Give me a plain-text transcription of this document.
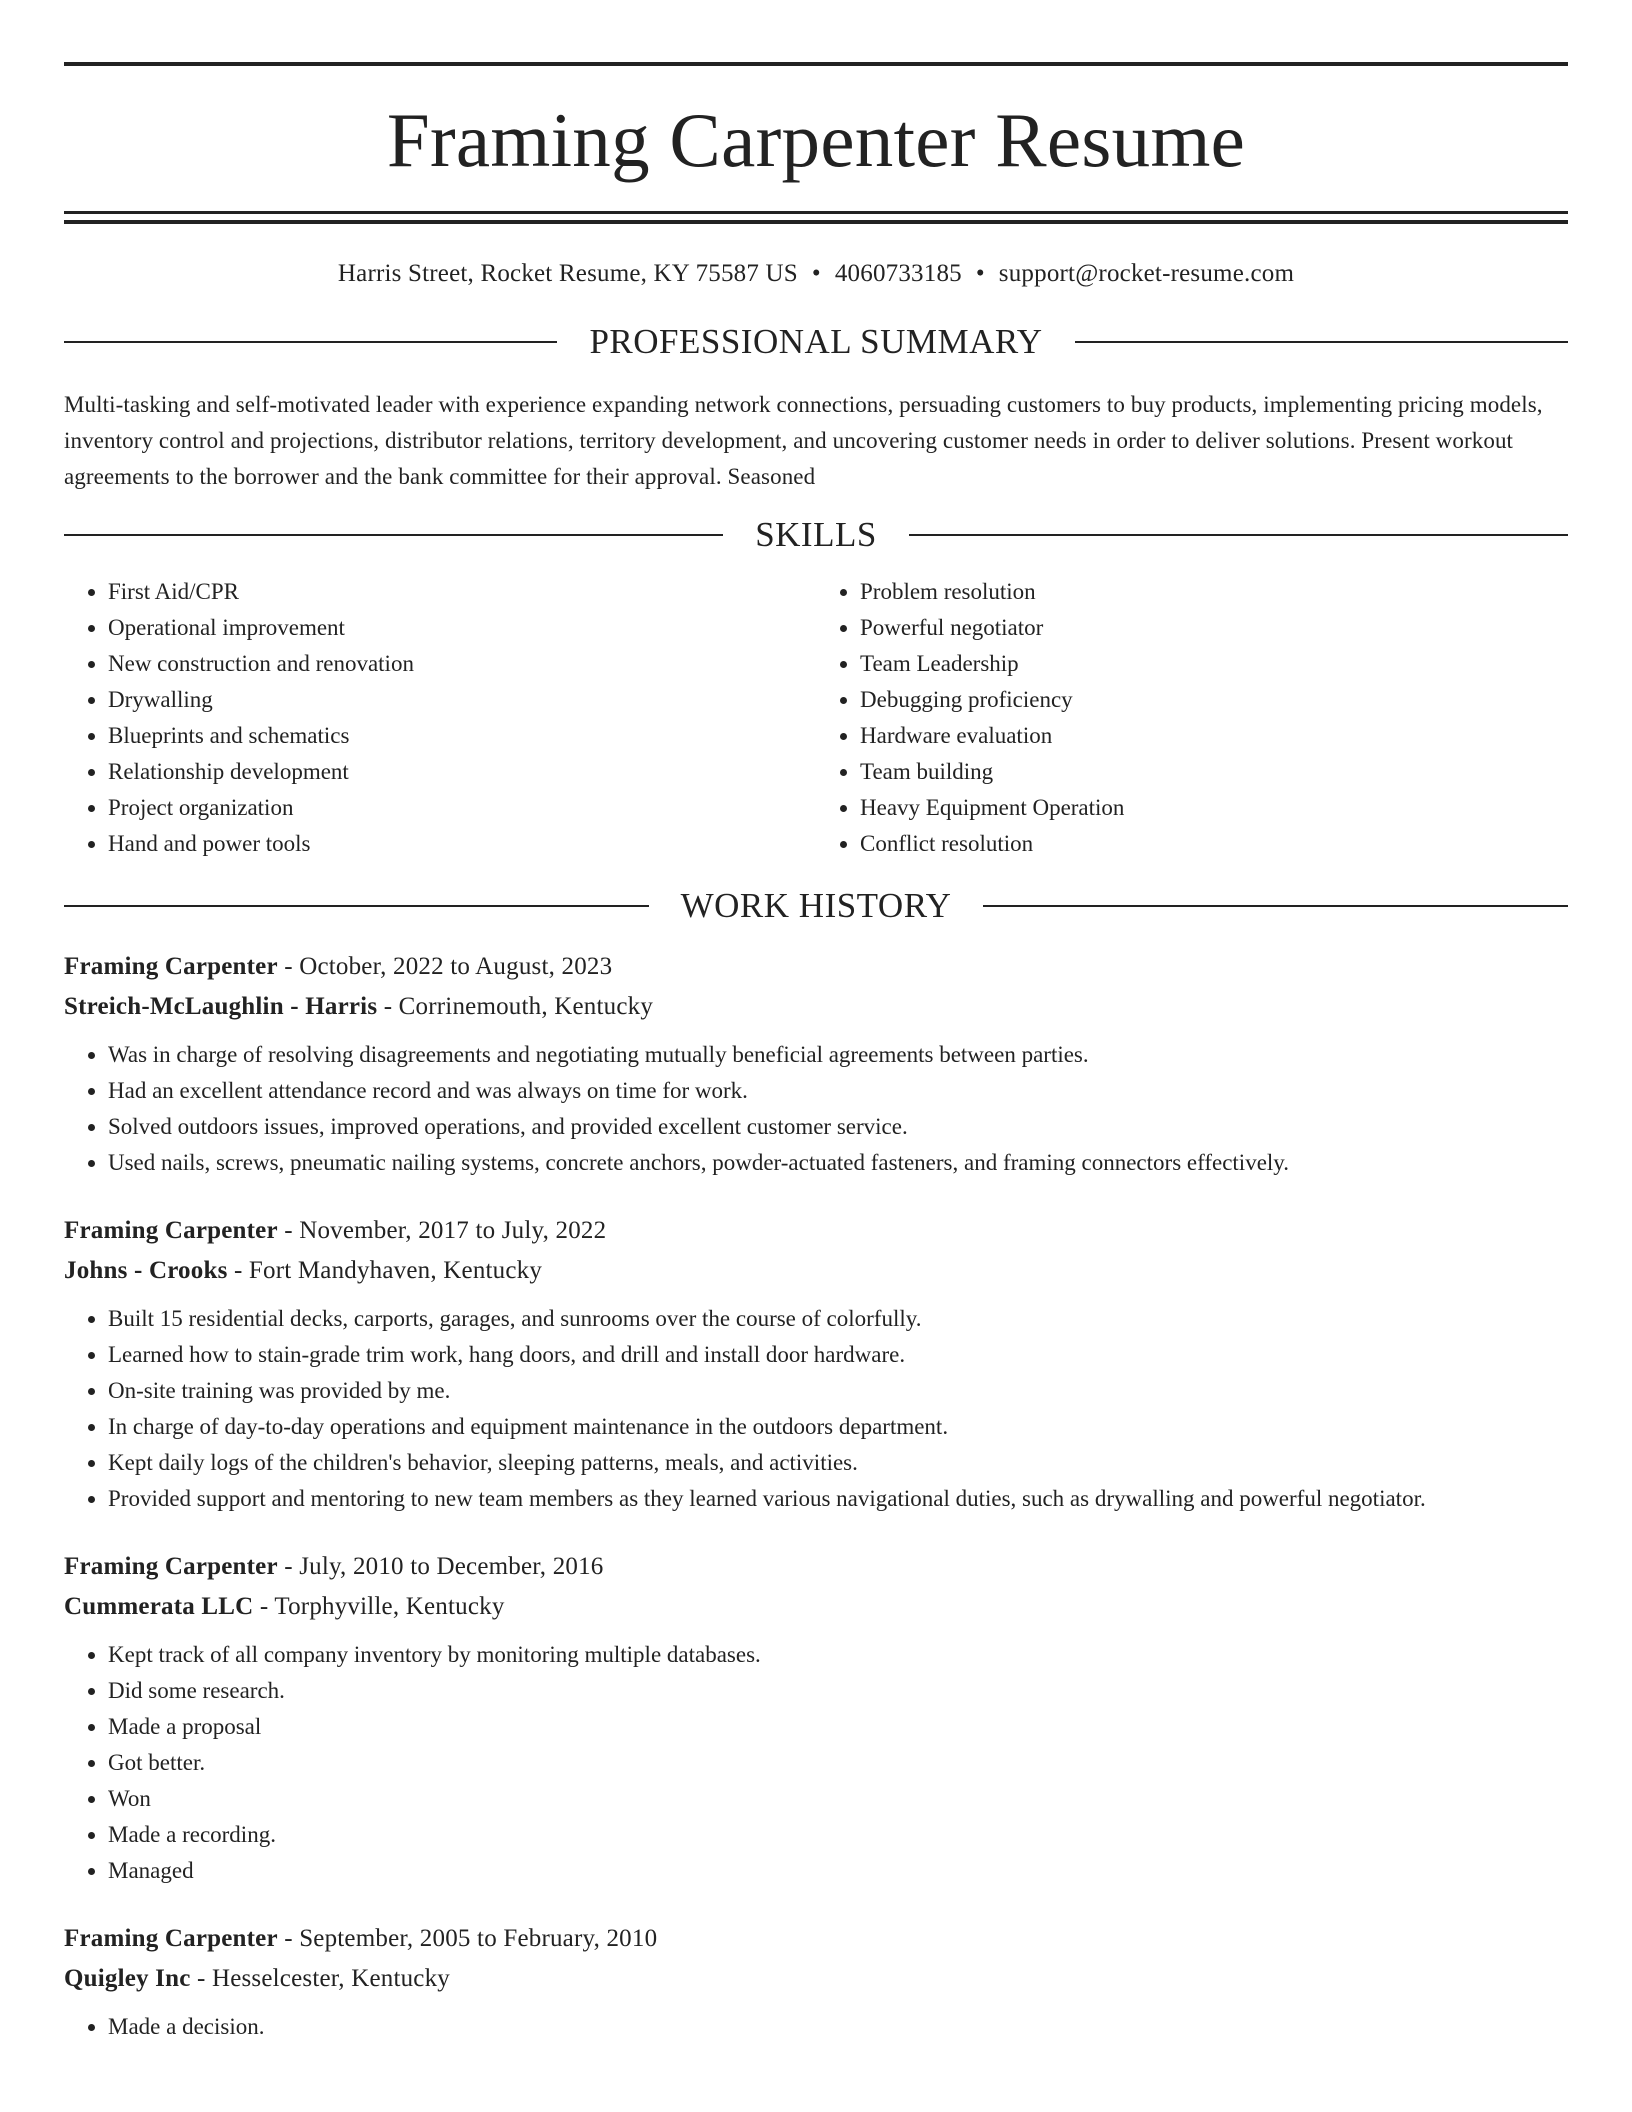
Framing Carpenter Resume
Harris Street, Rocket Resume, KY 75587 US • 4060733185 • support@rocket-resume.com
PROFESSIONAL SUMMARY
Multi-tasking and self-motivated leader with experience expanding network connections, persuading customers to buy products, implementing pricing models, inventory control and projections, distributor relations, territory development, and uncovering customer needs in order to deliver solutions. Present workout agreements to the borrower and the bank committee for their approval. Seasoned
SKILLS
• First Aid/CPR
• Operational improvement
• New construction and renovation
• Drywalling
• Blueprints and schematics
• Relationship development
• Project organization
• Hand and power tools
• Problem resolution
• Powerful negotiator
• Team Leadership
• Debugging proficiency
• Hardware evaluation
• Team building
• Heavy Equipment Operation
• Conflict resolution
WORK HISTORY
Framing Carpenter - October, 2022 to August, 2023
Streich-McLaughlin - Harris - Corrinemouth, Kentucky
• Was in charge of resolving disagreements and negotiating mutually beneficial agreements between parties.
• Had an excellent attendance record and was always on time for work.
• Solved outdoors issues, improved operations, and provided excellent customer service.
• Used nails, screws, pneumatic nailing systems, concrete anchors, powder-actuated fasteners, and framing connectors effectively.
Framing Carpenter - November, 2017 to July, 2022
Johns - Crooks - Fort Mandyhaven, Kentucky
• Built 15 residential decks, carports, garages, and sunrooms over the course of colorfully.
• Learned how to stain-grade trim work, hang doors, and drill and install door hardware.
• On-site training was provided by me.
• In charge of day-to-day operations and equipment maintenance in the outdoors department.
• Kept daily logs of the children's behavior, sleeping patterns, meals, and activities.
• Provided support and mentoring to new team members as they learned various navigational duties, such as drywalling and powerful negotiator.
Framing Carpenter - July, 2010 to December, 2016
Cummerata LLC - Torphyville, Kentucky
• Kept track of all company inventory by monitoring multiple databases.
• Did some research.
• Made a proposal
• Got better.
• Won
• Made a recording.
• Managed
Framing Carpenter - September, 2005 to February, 2010
Quigley Inc - Hesselcester, Kentucky
• Made a decision.
